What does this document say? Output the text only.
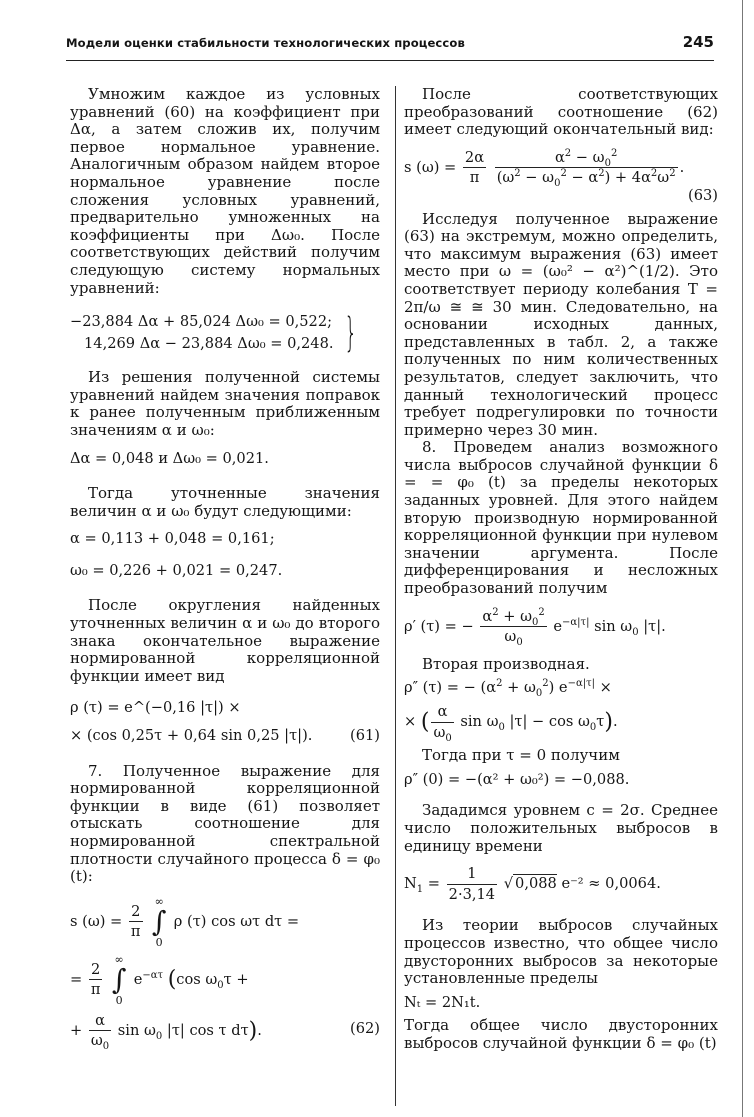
Модели оценки стабильности технологических процессов	245

Умножим каждое из условных уравнений (60) на коэффициент при Δα, а затем сложив их, получим первое нормальное уравнение. Аналогичным образом найдем второе нормальное уравнение после сложения условных уравнений, предварительно умноженных на коэффициенты при Δω₀. После соответствующих действий получим следующую систему нормальных уравнений:

−23,884 Δα + 85,024 Δω₀ = 0,522;
14,269 Δα − 23,884 Δω₀ = 0,248. }

Из решения полученной системы уравнений найдем значения поправок к ранее полученным приближенным значениям α и ω₀:

Δα = 0,048 и Δω₀ = 0,021.

Тогда уточненные значения величин α и ω₀ будут следующими:

α = 0,113 + 0,048 = 0,161;

ω₀ = 0,226 + 0,021 = 0,247.

После округления найденных уточненных величин α и ω₀ до второго знака окончательное выражение нормированной корреляционной функции имеет вид

ρ (τ) = e^(−0,16 |τ|) ×

× (cos 0,25τ + 0,64 sin 0,25 |τ|).	(61)

7. Полученное выражение для нормированной корреляционной функции в виде (61) позволяет отыскать соотношение для нормированной спектральной плотности случайного процесса δ = φ₀ (t):

s $(\omega) = \frac{2}{\pi}$

∞
∫
0
ρ (τ) cos ωτ dτ =

= $\frac{2}{\pi}$

∞
∫
0
$e^{-\alpha\tau}$ (cos $\omega_0\tau$ +

+ $\frac{\alpha}{\omega_0}$ $\sin \omega_0$ |τ| cos τ dτ).	(62)

После соответствующих преобразований соотношение (62) имеет следующий окончательный вид:

s $(\omega) = \frac{2\alpha}{\pi}$
$\frac{\alpha^2 - \omega_0^2}{(\omega^2 - \omega_0^2 - \alpha^2) + 4\alpha^2\omega^2}$ .

(63)

Исследуя полученное выражение (63) на экстремум, можно определить, что максимум выражения (63) имеет место при ω = (ω₀² − α²)^(1/2). Это соответствует периоду колебания T = 2π/ω ≅ ≅ 30 мин. Следовательно, на основании исходных данных, представленных в табл. 2, а также полученных по ним количественных результатов, следует заключить, что данный технологический процесс требует подрегулировки по точности примерно через 30 мин.

8. Проведем анализ возможного числа выбросов случайной функции δ = = φ₀ (t) за пределы некоторых заданных уровней. Для этого найдем вторую производную нормированной корреляционной функции при нулевом значении аргумента. После дифференцирования и несложных преобразований получим

ρ′ (τ) = − $\frac{\alpha^2 + \omega_0^2}{\omega_0} e^{-\alpha|\tau|}$ $\sin \omega_0$ |τ|.

Вторая производная.

ρ″ (τ) = − $(\alpha^2 + \omega_0^2) e^{-\alpha|\tau|}$ ×

× ( $\frac{\alpha}{\omega_0}$ $\sin \omega_0$ $|\tau| - \cos \omega_0\tau$).

Тогда при τ = 0 получим

ρ″ (0) = −(α² + ω₀²) = −0,088.

Зададимся уровнем c = 2σ. Среднее число положительных выбросов в единицу времени

$N_1 = \frac{1}{2\cdot 3,14}$ √ 0,088 e⁻² ≈ 0,0064.

Из теории выбросов случайных процессов известно, что общее число двусторонних выбросов за некоторые установленные пределы

Nₜ = 2N₁t.

Тогда общее число двусторонних выбросов случайной функции δ = φ₀ (t)
